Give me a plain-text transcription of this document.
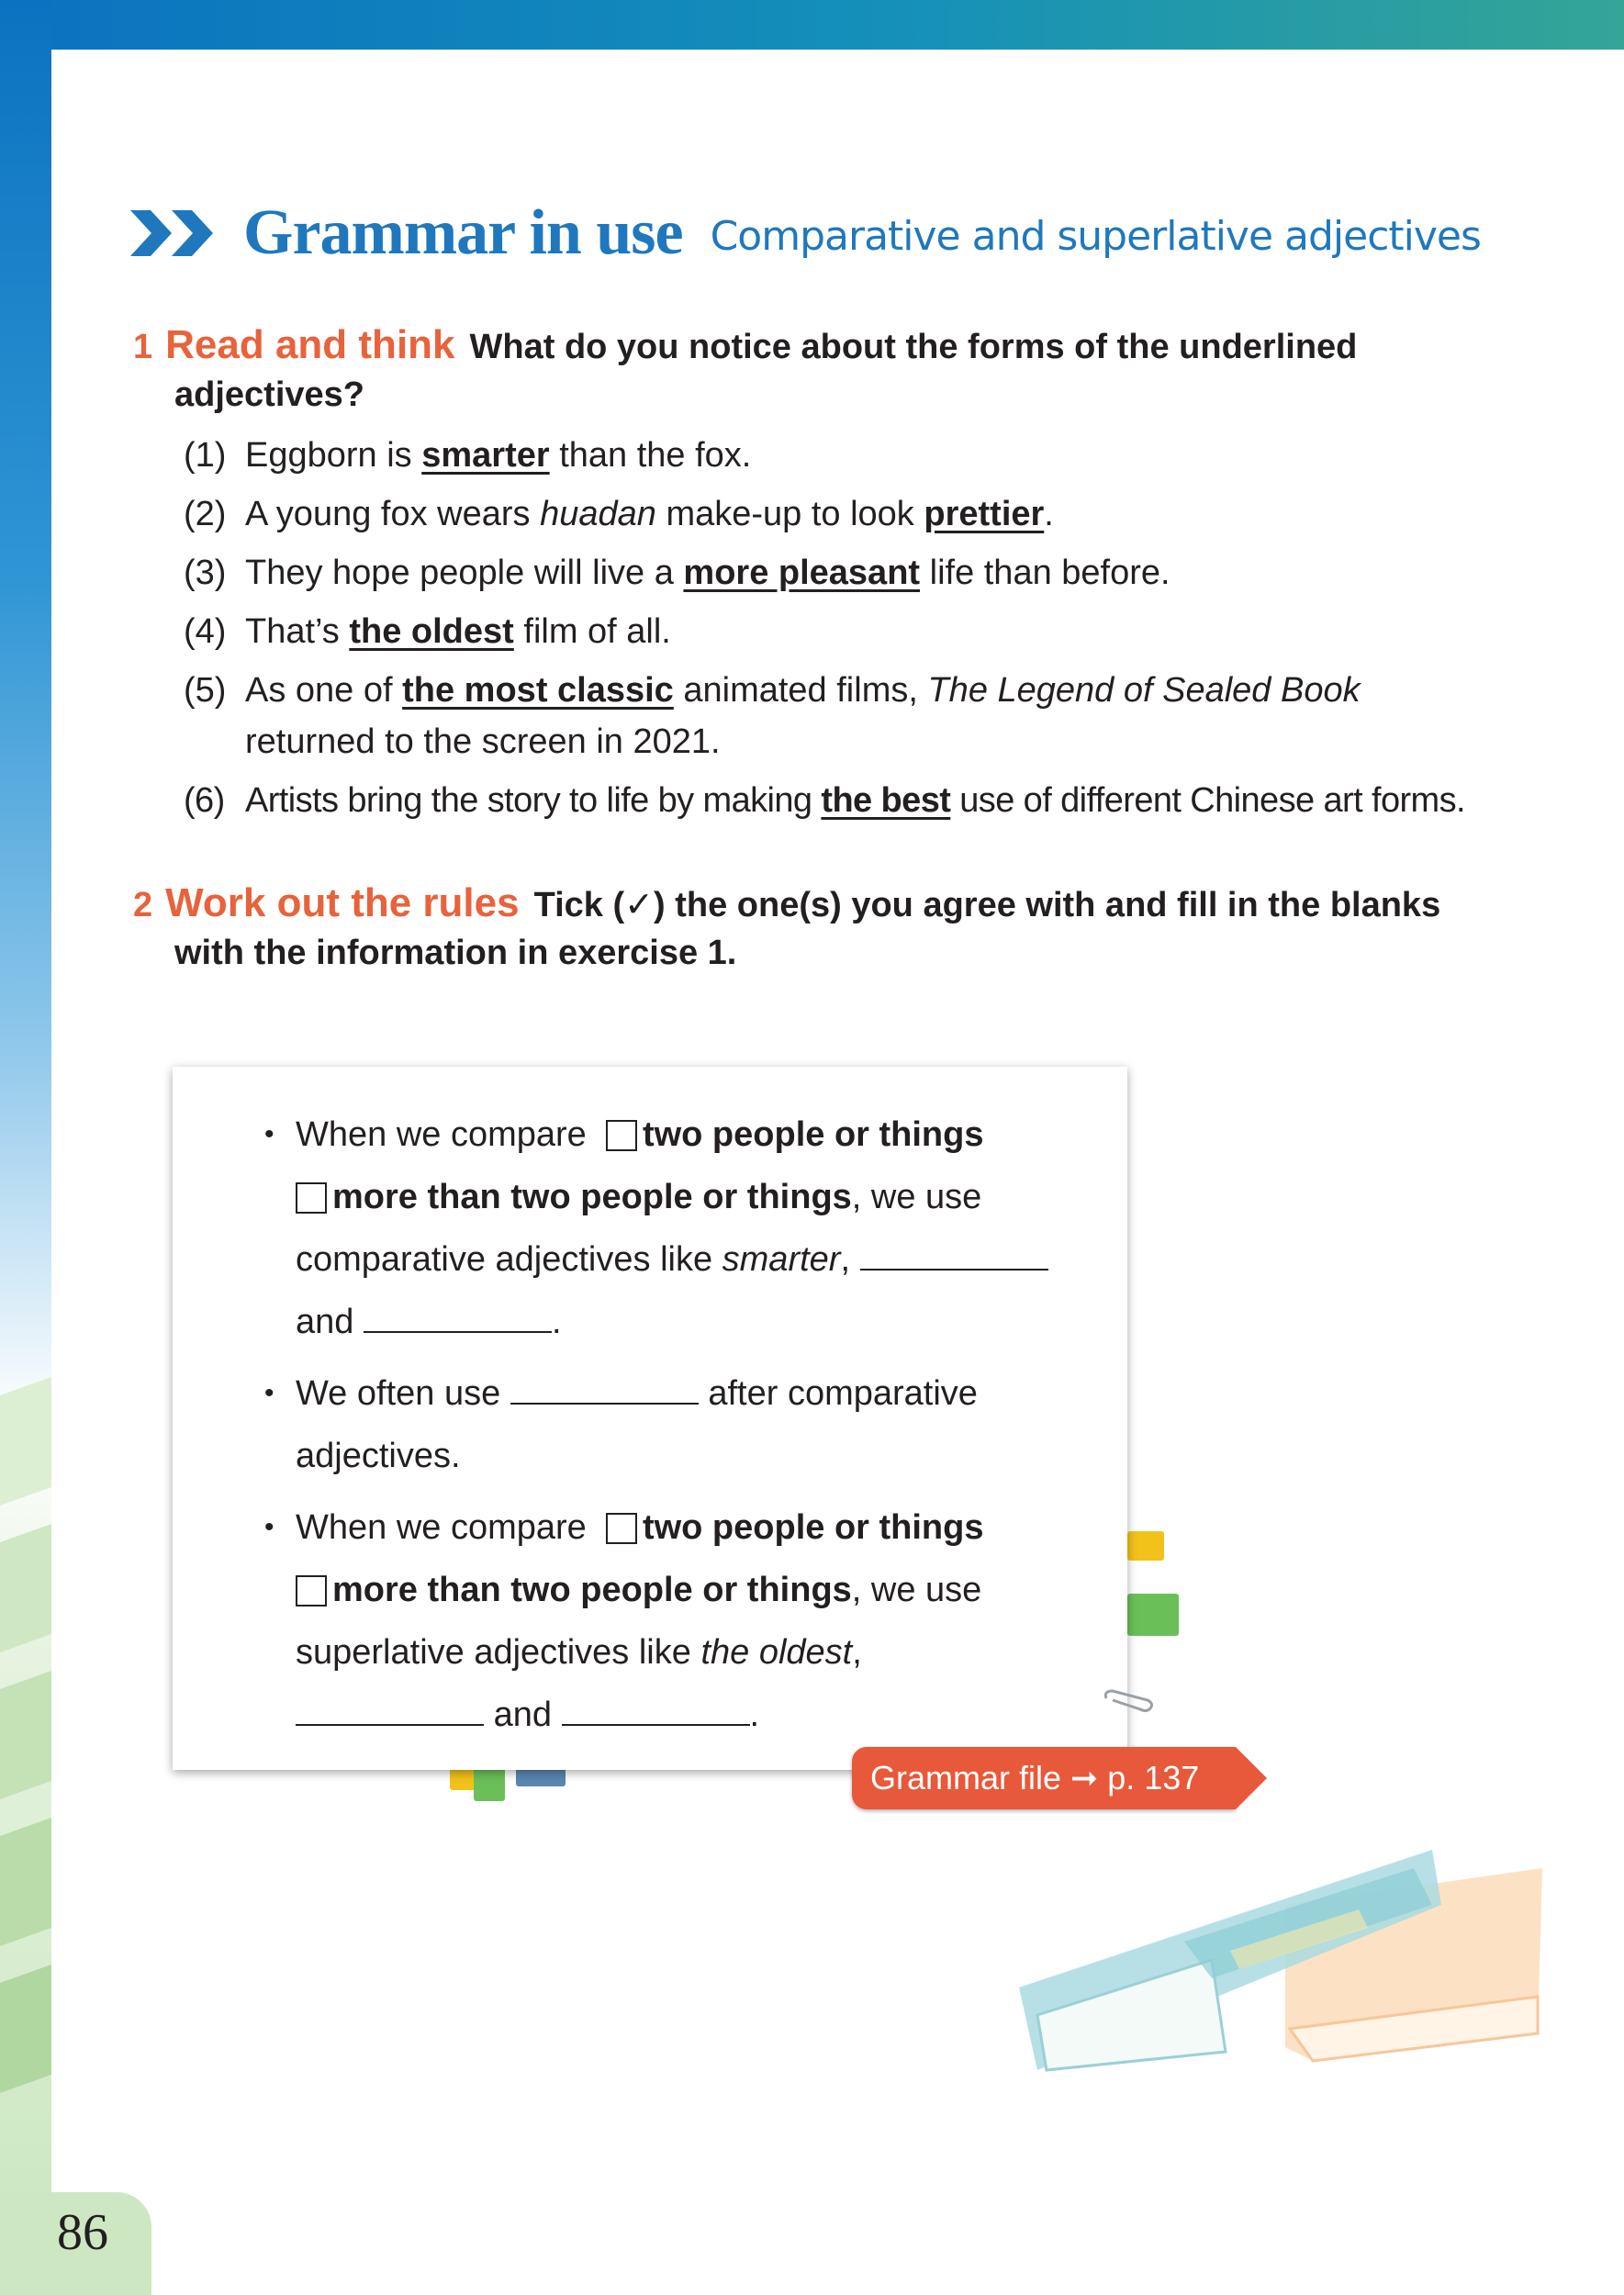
Grammar in use Comparative and superlative adjectives
1 Read and think What do you notice about the forms of the underlined
adjectives?
(1) Eggborn is smarter than the fox.
(2) A young fox wears huadan make-up to look prettier.
(3) They hope people will live a more pleasant life than before.
(4) That’s the oldest film of all.
(5) As one of the most classic animated films, The Legend of Sealed Book returned to the screen in 2021.
(6) Artists bring the story to life by making the best use of different Chinese art forms.
2 Work out the rules Tick (✓) the one(s) you agree with and fill in the blanks
with the information in exercise 1.
• When we compare two people or things
more than two people or things, we use
comparative adjectives like smarter,
and	.
• We often use	after comparative
adjectives.
• When we compare two people or things
more than two people or things, we use
superlative adjectives like the oldest,
and	.
Grammar file ➞ p. 137
86
